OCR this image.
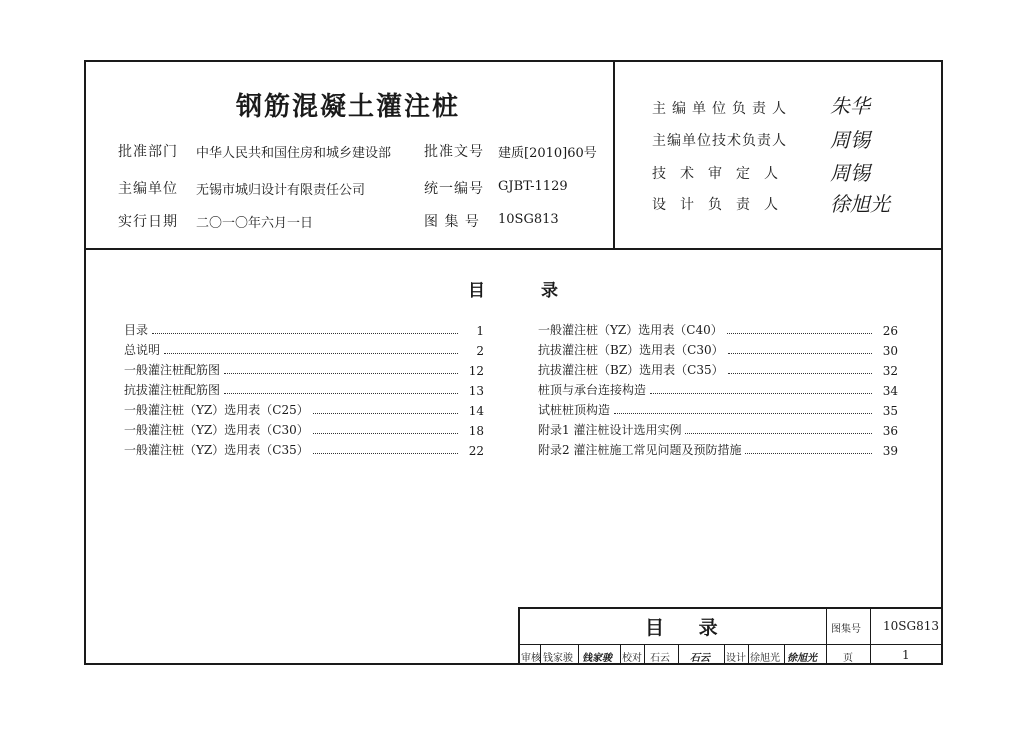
钢筋混凝土灌注桩
批准部门 中华人民共和国住房和城乡建设部 批准文号 建质[2010]60号
主编单位 无锡市城归设计有限责任公司	统一编号 GJBT-1129
实行日期 二〇一〇年六月一日	图 集 号 10SG813
主编单位负责人 朱华
主编单位技术负责人 周锡
技术审定人 周锡
设计负责人 徐旭光
目	录
目录	1
总说明	2
一般灌注桩配筋图	12
抗拔灌注桩配筋图	13
一般灌注桩（YZ）选用表（C25）	14
一般灌注桩（YZ）选用表（C30）	18
一般灌注桩（YZ）选用表（C35）	22
一般灌注桩（YZ）选用表（C40）	26
抗拔灌注桩（BZ）选用表（C30）	30
抗拔灌注桩（BZ）选用表（C35）	32
桩顶与承台连接构造	34
试桩桩顶构造	35
附录1 灌注桩设计选用实例	36
附录2 灌注桩施工常见问题及预防措施	39
目 录	图集号 10SG813
审核 钱家骏 钱家骏 校对 石云 石云 设计 徐旭光 徐旭光	页	1
